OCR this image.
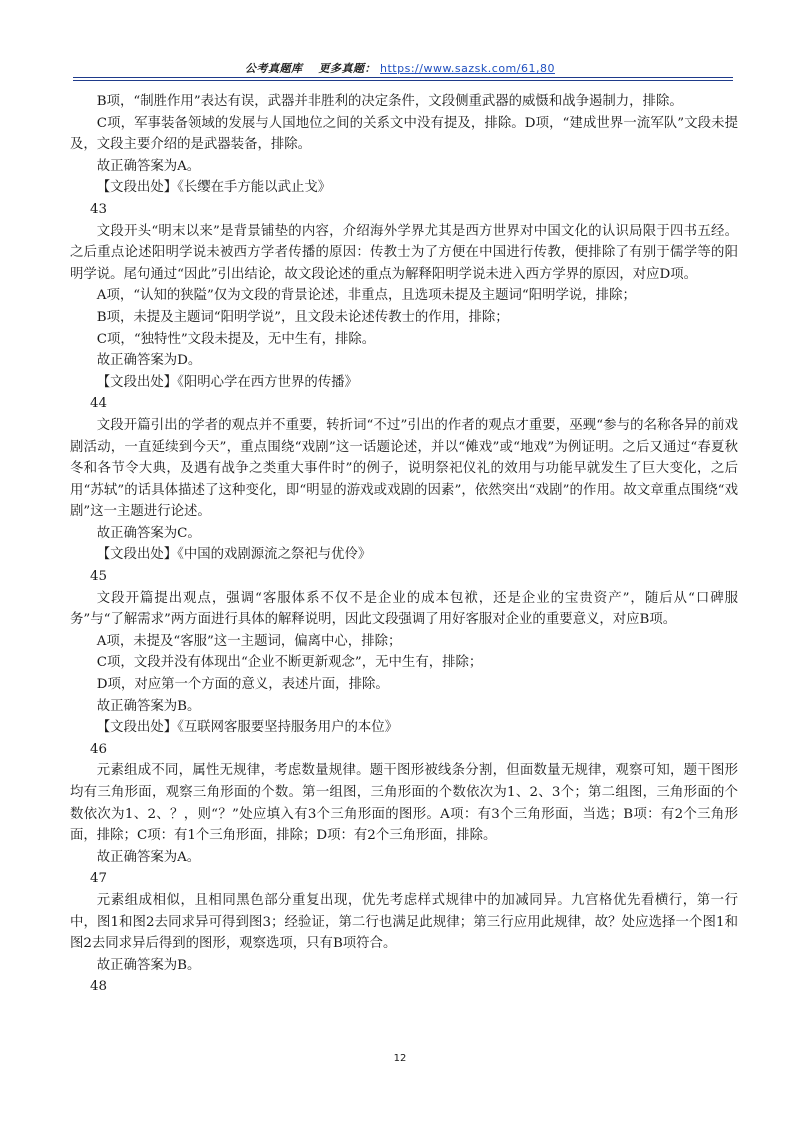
公考真题库 更多真题： https://www.sazsk.com/61,80

B项，“制胜作用”表达有误，武器并非胜利的决定条件，文段侧重武器的威慑和战争遏制力，排除。

C项，军事装备领域的发展与人国地位之间的关系文中没有提及，排除。D项，“建成世界一流军队”文段未提及，文段主要介绍的是武器装备，排除。

故正确答案为A。

【文段出处】《长缨在手方能以武止戈》

43

文段开头“明末以来”是背景铺垫的内容，介绍海外学界尤其是西方世界对中国文化的认识局限于四书五经。之后重点论述阳明学说未被西方学者传播的原因：传教士为了方便在中国进行传教，便排除了有别于儒学等的阳明学说。尾句通过“因此”引出结论，故文段论述的重点为解释阳明学说未进入西方学界的原因，对应D项。

A项，“认知的狭隘”仅为文段的背景论述，非重点，且选项未提及主题词“阳明学说，排除；

B项，未提及主题词“阳明学说”，且文段未论述传教士的作用，排除；

C项，“独特性”文段未提及，无中生有，排除。

故正确答案为D。

【文段出处】《阳明心学在西方世界的传播》

44

文段开篇引出的学者的观点并不重要，转折词“不过”引出的作者的观点才重要，巫觋“参与的名称各异的前戏剧活动，一直延续到今天”，重点围绕“戏剧”这一话题论述，并以“傩戏”或“地戏”为例证明。之后又通过“春夏秋冬和各节令大典，及遇有战争之类重大事件时”的例子，说明祭祀仪礼的效用与功能早就发生了巨大变化，之后用“苏轼”的话具体描述了这种变化，即“明显的游戏或戏剧的因素”，依然突出“戏剧”的作用。故文章重点围绕“戏剧”这一主题进行论述。

故正确答案为C。

【文段出处】《中国的戏剧源流之祭祀与优伶》

45

文段开篇提出观点，强调“客服体系不仅不是企业的成本包袱，还是企业的宝贵资产”，随后从“口碑服务”与“了解需求”两方面进行具体的解释说明，因此文段强调了用好客服对企业的重要意义，对应B项。

A项，未提及“客服”这一主题词，偏离中心，排除；

C项，文段并没有体现出“企业不断更新观念”，无中生有，排除；

D项，对应第一个方面的意义，表述片面，排除。

故正确答案为B。

【文段出处】《互联网客服要坚持服务用户的本位》

46

元素组成不同，属性无规律，考虑数量规律。题干图形被线条分割，但面数量无规律，观察可知，题干图形均有三角形面，观察三角形面的个数。第一组图，三角形面的个数依次为1、2、3个；第二组图，三角形面的个数依次为1、2、？，则“？”处应填入有3个三角形面的图形。A项：有3个三角形面，当选；B项：有2个三角形面，排除；C项：有1个三角形面，排除；D项：有2个三角形面，排除。

故正确答案为A。

47

元素组成相似，且相同黑色部分重复出现，优先考虑样式规律中的加减同异。九宫格优先看横行，第一行中，图1和图2去同求异可得到图3；经验证，第二行也满足此规律；第三行应用此规律，故？处应选择一个图1和图2去同求异后得到的图形，观察选项，只有B项符合。

故正确答案为B。

48

12
